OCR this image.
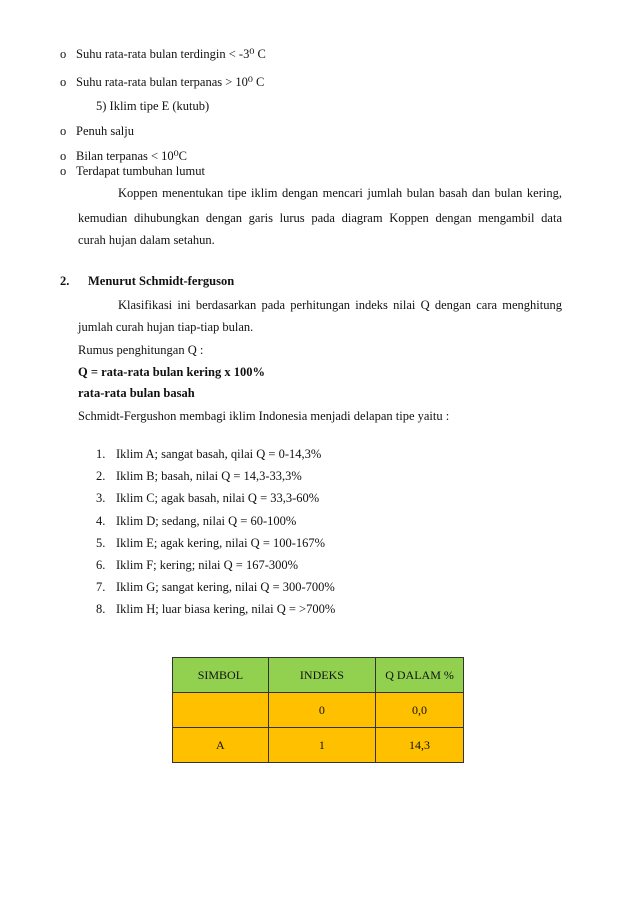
o Suhu rata-rata bulan terdingin < -3⁰ C
o Suhu rata-rata bulan terpanas > 10⁰ C
5) Iklim tipe E (kutub)
o Penuh salju
o Bilan terpanas < 10⁰C
o Terdapat tumbuhan lumut
Koppen menentukan tipe iklim dengan mencari jumlah bulan basah dan bulan kering,
kemudian dihubungkan dengan garis lurus pada diagram Koppen dengan mengambil data
curah hujan dalam setahun.
2. Menurut Schmidt-ferguson
Klasifikasi ini berdasarkan pada perhitungan indeks nilai Q dengan cara menghitung
jumlah curah hujan tiap-tiap bulan.
Rumus penghitungan Q :
Q = rata-rata bulan kering x 100%
rata-rata bulan basah
Schmidt-Fergushon membagi iklim Indonesia menjadi delapan tipe yaitu :
1. Iklim A; sangat basah, qilai Q = 0-14,3%
2. Iklim B; basah, nilai Q = 14,3-33,3%
3. Iklim C; agak basah, nilai Q = 33,3-60%
4. Iklim D; sedang, nilai Q = 60-100%
5. Iklim E; agak kering, nilai Q = 100-167%
6. Iklim F; kering; nilai Q = 167-300%
7. Iklim G; sangat kering, nilai Q = 300-700%
8. Iklim H; luar biasa kering, nilai Q = >700%
SIMBOL	INDEKS	Q DALAM %
	0	0,0
A	1	14,3
